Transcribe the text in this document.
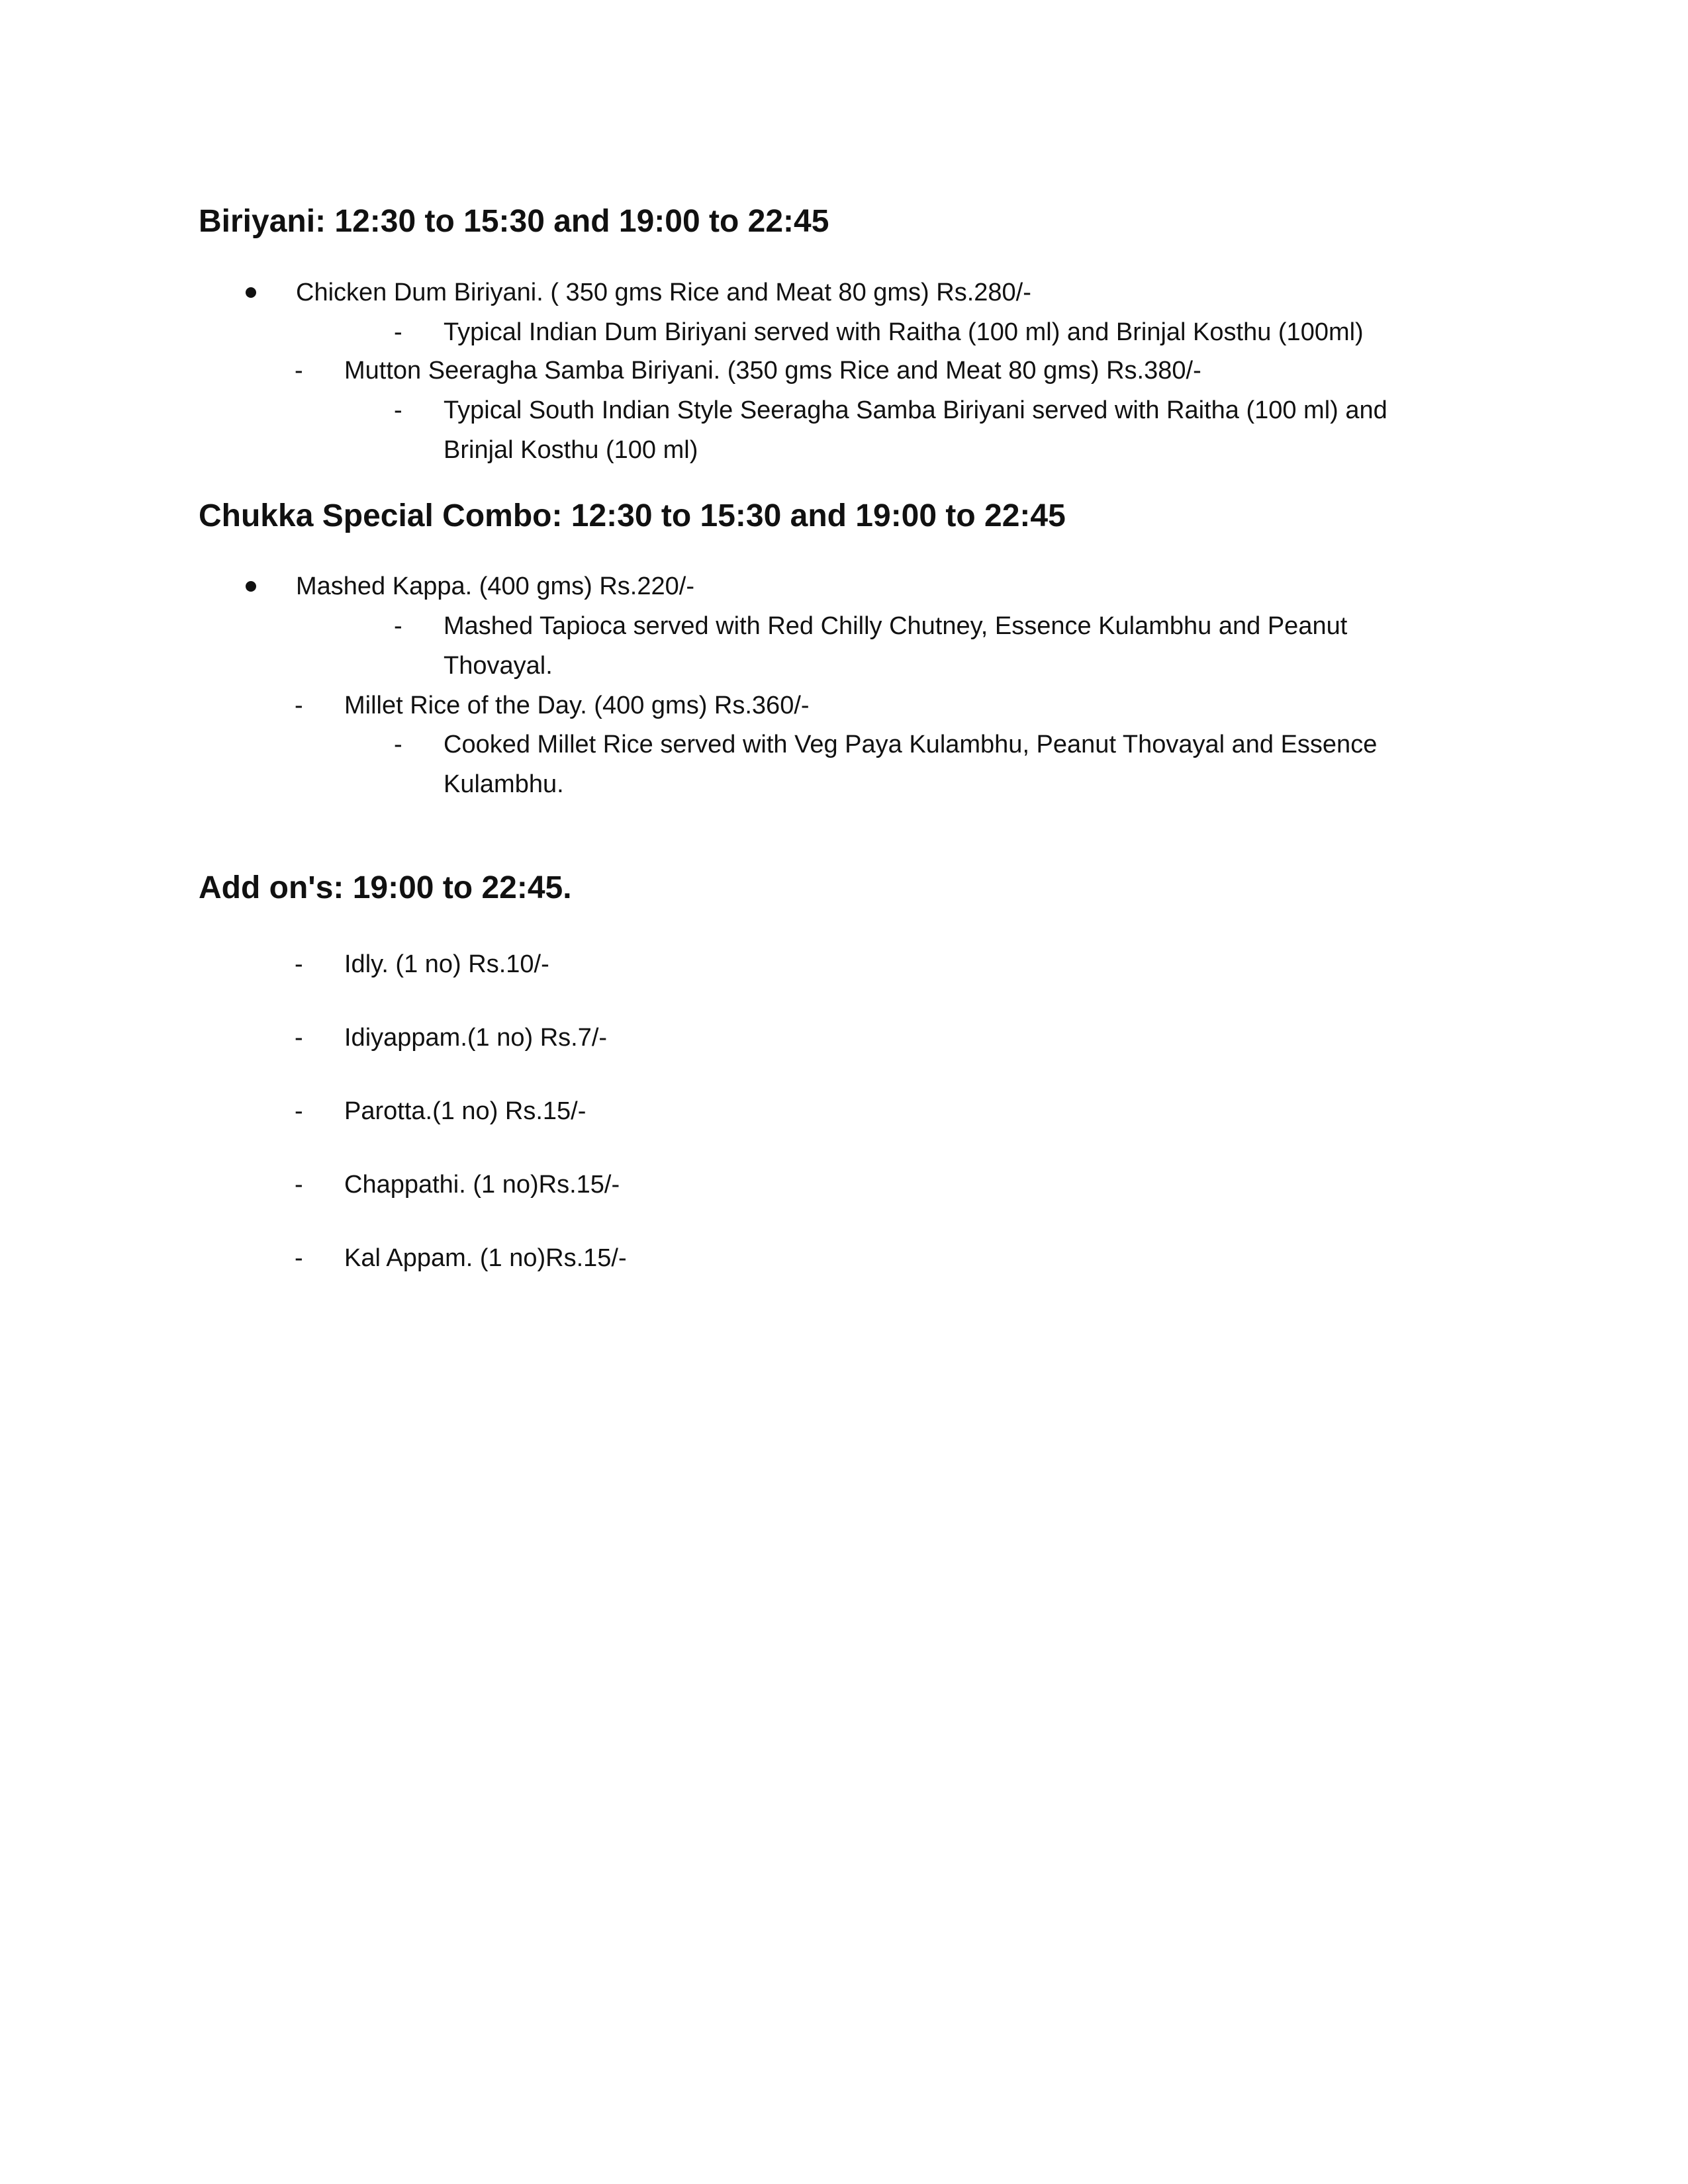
Biriyani: 12:30 to 15:30 and 19:00 to 22:45
Chicken Dum Biriyani. ( 350 gms Rice and Meat 80 gms) Rs.280/-
- Typical Indian Dum Biriyani served with Raitha (100 ml) and Brinjal Kosthu (100ml)
- Mutton Seeragha Samba Biriyani. (350 gms Rice and Meat 80 gms) Rs.380/-
- Typical South Indian Style Seeragha Samba Biriyani served with Raitha (100 ml) and
Brinjal Kosthu (100 ml)
Chukka Special Combo: 12:30 to 15:30 and 19:00 to 22:45
Mashed Kappa. (400 gms) Rs.220/-
- Mashed Tapioca served with Red Chilly Chutney, Essence Kulambhu and Peanut
Thovayal.
- Millet Rice of the Day. (400 gms) Rs.360/-
- Cooked Millet Rice served with Veg Paya Kulambhu, Peanut Thovayal and Essence
Kulambhu.
Add on's: 19:00 to 22:45.
- Idly. (1 no) Rs.10/-
- Idiyappam.(1 no) Rs.7/-
- Parotta.(1 no) Rs.15/-
- Chappathi. (1 no)Rs.15/-
- Kal Appam. (1 no)Rs.15/-
